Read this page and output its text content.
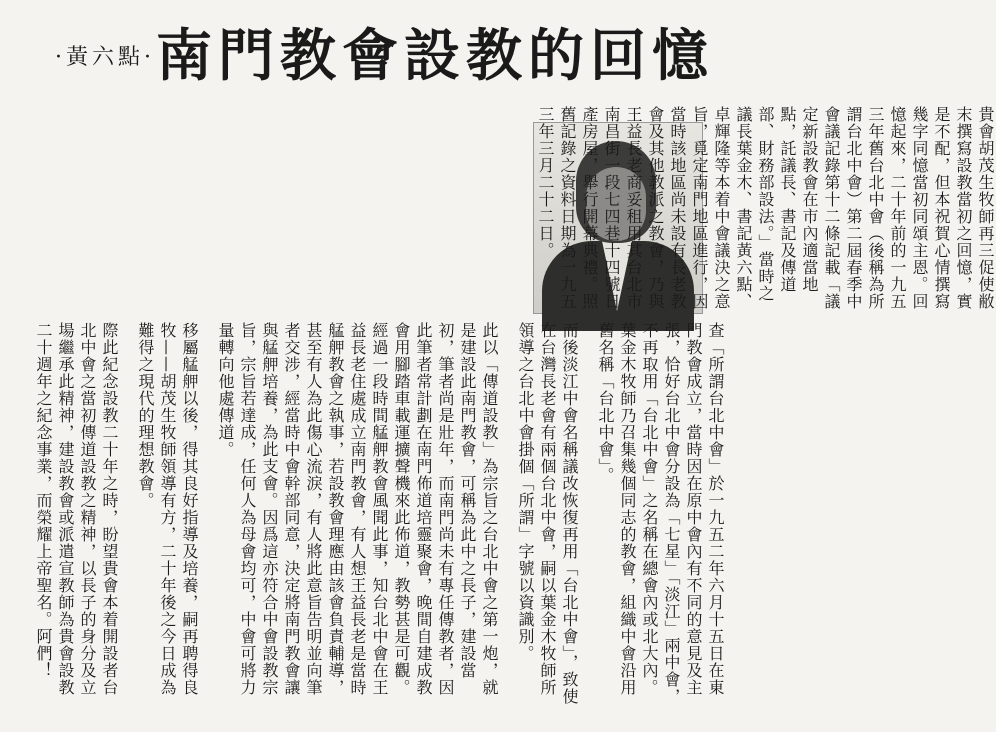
南門教會設教的回憶
·黃六點·

貴會胡茂生牧師再三促使敝末撰寫設教當初之回憶，實是不配，但本祝賀心情撰寫幾字同憶當初同頌主恩。回憶起來，二十年前的一九五三年舊台北中會（後稱為所謂台北中會）第二屆春季中會議記錄第十二條記載「議定新設教會在市內適當地點，託議長、書記及傳道部、財務部設法。」當時之議長葉金木、書記黃六點、卓輝隆等本着中會議決之意旨，覓定南門地區進行，因當時該地區尚未設有長老教會及其他教派之教會，乃與王益長老商妥租用其台北市南昌街一段七四巷十四號日產房屋，舉行開幕典禮。照舊記錄之資料日期為一九五三年三月二十二日。

查「所謂台北中會」於一九五二年六月十五日在東門教會成立，當時因在原中會內有不同的意見及主張，恰好台北中會分設為「七星」「淡江」兩中會，不再取用「台北中會」之名稱在總會內或北大內。葉金木牧師乃召集幾個同志的教會，組織中會沿用舊名稱「台北中會」。

而後淡江中會名稱議改恢復再用「台北中會」，致使在台灣長老會有兩個台北中會，嗣以葉金木牧師所領導之台北中會掛個「所謂」字號以資識別。

此以「傳道設教」為宗旨之台北中會之第一炮，就是建設此南門教會，可稱為此中之長子，建設當初，筆者尚是壯年，而南門尚未有專任傳教者，因此筆者常計劃在南門佈道培靈聚會，晚間自建成教會用腳踏車載運擴聲機來此佈道，教勢甚是可觀。經過一段時間艋舺教會風聞此事，知台北中會在王益長老住處成立南門教會，有人想王益長老是當時艋舺教會之執事，若設教會理應由該會負責輔導，甚至有人為此傷心流淚，有人將此意旨告明並向筆者交涉，經當時中會幹部同意，決定將南門教會讓與艋舺培養，為此支會。因爲這亦符合中會設教宗旨，宗旨若達成，任何人為母會均可，中會可將力量轉向他處傳道。

移屬艋舺以後，得其良好指導及培養，嗣再聘得良牧——胡茂生牧師領導有方，二十年後之今日成為難得之現代的理想教會。

際此紀念設教二十年之時，盼望貴會本着開設者台北中會之當初傳道設教之精神，以長子的身分及立場繼承此精神，建設教會或派遣宣教師為貴會設教二十週年之紀念事業，而榮耀上帝聖名。阿們！
